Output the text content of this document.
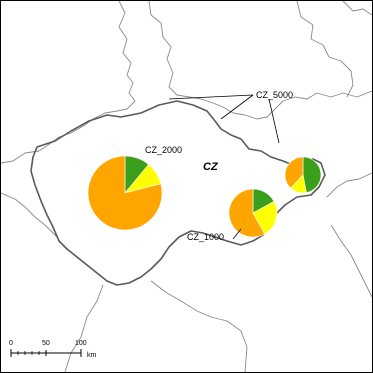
CZ_2000
CZ_1000
CZ_5000
CZ
0	50	100
km
